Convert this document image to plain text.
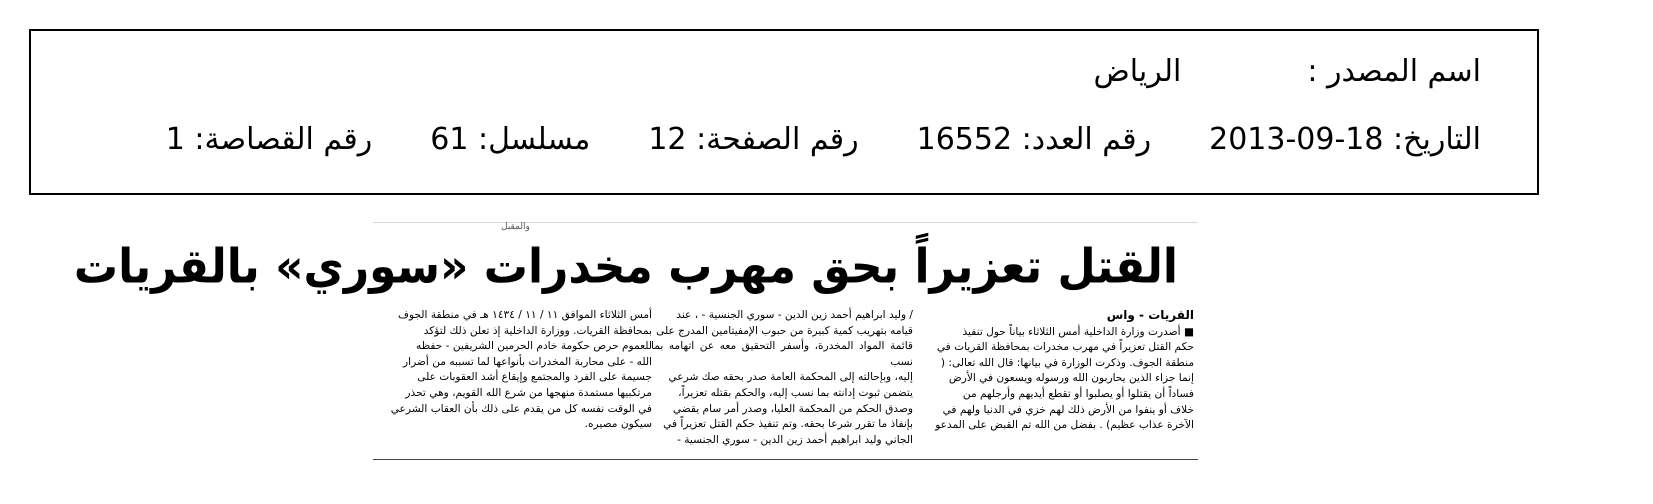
اسم المصدر :الرياض
التاريخ: 2013-09-18رقم العدد: 16552رقم الصفحة: 12مسلسل: 61رقم القصاصة: 1
والمقبل
القتل تعزيراً بحق مهرب مخدرات «سوري» بالقريات
القريات - واس
■ أصدرت وزارة الداخلية أمس الثلاثاء بياناً حول تنفيذ
حكم القتل تعزيراً في مهرب مخدرات بمحافظة القريات في
منطقة الجوف. وذكرت الوزارة في بيانها: قال الله تعالى: (
إنما جزاء الذين يحاربون الله ورسوله ويسعون في الأرض
فساداً أن يقتلوا أو يصلبوا أو تقطع أيديهم وأرجلهم من
خلاف أو ينفوا من الأرض ذلك لهم خزي في الدنيا ولهم في
الآخرة عذاب عظيم) . بفضل من الله تم القبض على المدعو
/ وليد ابراهيم أحمد زين الدين - سوري الجنسية - ، عند
قيامه بتهريب كمية كبيرة من حبوب الإمفيتامين المدرج على
قائمة المواد المخدرة، وأسفر التحقيق معه عن اتهامه بما نسب
إليه، وبإحالته إلى المحكمة العامة صدر بحقه صك شرعي
يتضمن ثبوت إدانته بما نسب إليه، والحكم بقتله تعزيراً،
وصدق الحكم من المحكمة العليا، وصدر أمر سام يقضي
بإنفاذ ما تقرر شرعا بحقه. وتم تنفيذ حكم القتل تعزيراً في
الجاني وليد ابراهيم أحمد زين الدين - سوري الجنسية -
أمس الثلاثاء الموافق ١١ / ١١ / ١٤٣٤ هـ في منطقة الجوف
بمحافظة القريات. ووزارة الداخلية إذ تعلن ذلك لتؤكد
للعموم حرص حكومة خادم الحرمين الشريفين - حفظه
الله - على محاربة المخدرات بأنواعها لما تسببه من أضرار
جسيمة على الفرد والمجتمع وإيقاع أشد العقوبات على
مرتكبيها مستمدة منهجها من شرع الله القويم، وهي تحذر
في الوقت نفسه كل من يقدم على ذلك بأن العقاب الشرعي
سيكون مصيره.
